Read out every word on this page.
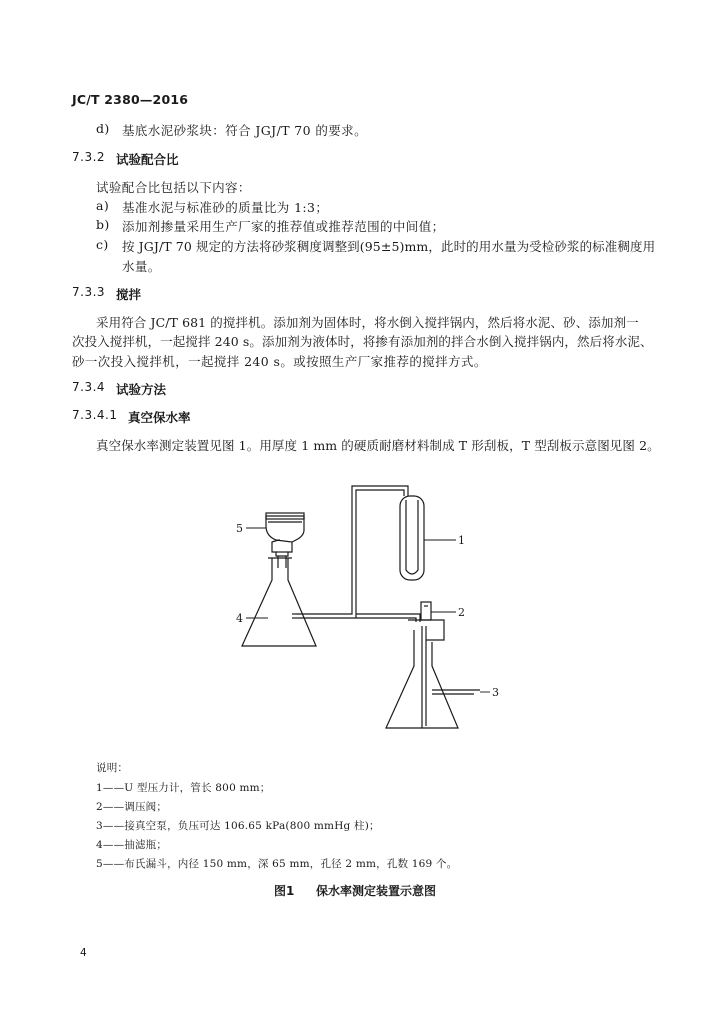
JC/T 2380—2016
d) 基底水泥砂浆块：符合 JGJ/T 70 的要求。
7.3.2 试验配合比
试验配合比包括以下内容：
a) 基准水泥与标准砂的质量比为 1:3；
b) 添加剂掺量采用生产厂家的推荐值或推荐范围的中间值；
c) 按 JGJ/T 70 规定的方法将砂浆稠度调整到(95±5)mm，此时的用水量为受检砂浆的标准稠度用
水量。
7.3.3 搅拌
采用符合 JC/T 681 的搅拌机。添加剂为固体时，将水倒入搅拌锅内，然后将水泥、砂、添加剂一
次投入搅拌机，一起搅拌 240 s。添加剂为液体时，将掺有添加剂的拌合水倒入搅拌锅内，然后将水泥、
砂一次投入搅拌机，一起搅拌 240 s。或按照生产厂家推荐的搅拌方式。
7.3.4 试验方法
7.3.4.1 真空保水率
真空保水率测定装置见图 1。用厚度 1 mm 的硬质耐磨材料制成 T 形刮板，T 型刮板示意图见图 2。
5
4
1
2
3
说明：
1——U 型压力计，管长 800 mm；
2——调压阀；
3——接真空泵，负压可达 106.65 kPa(800 mmHg 柱)；
4——抽滤瓶；
5——布氏漏斗，内径 150 mm，深 65 mm，孔径 2 mm，孔数 169 个。
图1 保水率测定装置示意图
4
